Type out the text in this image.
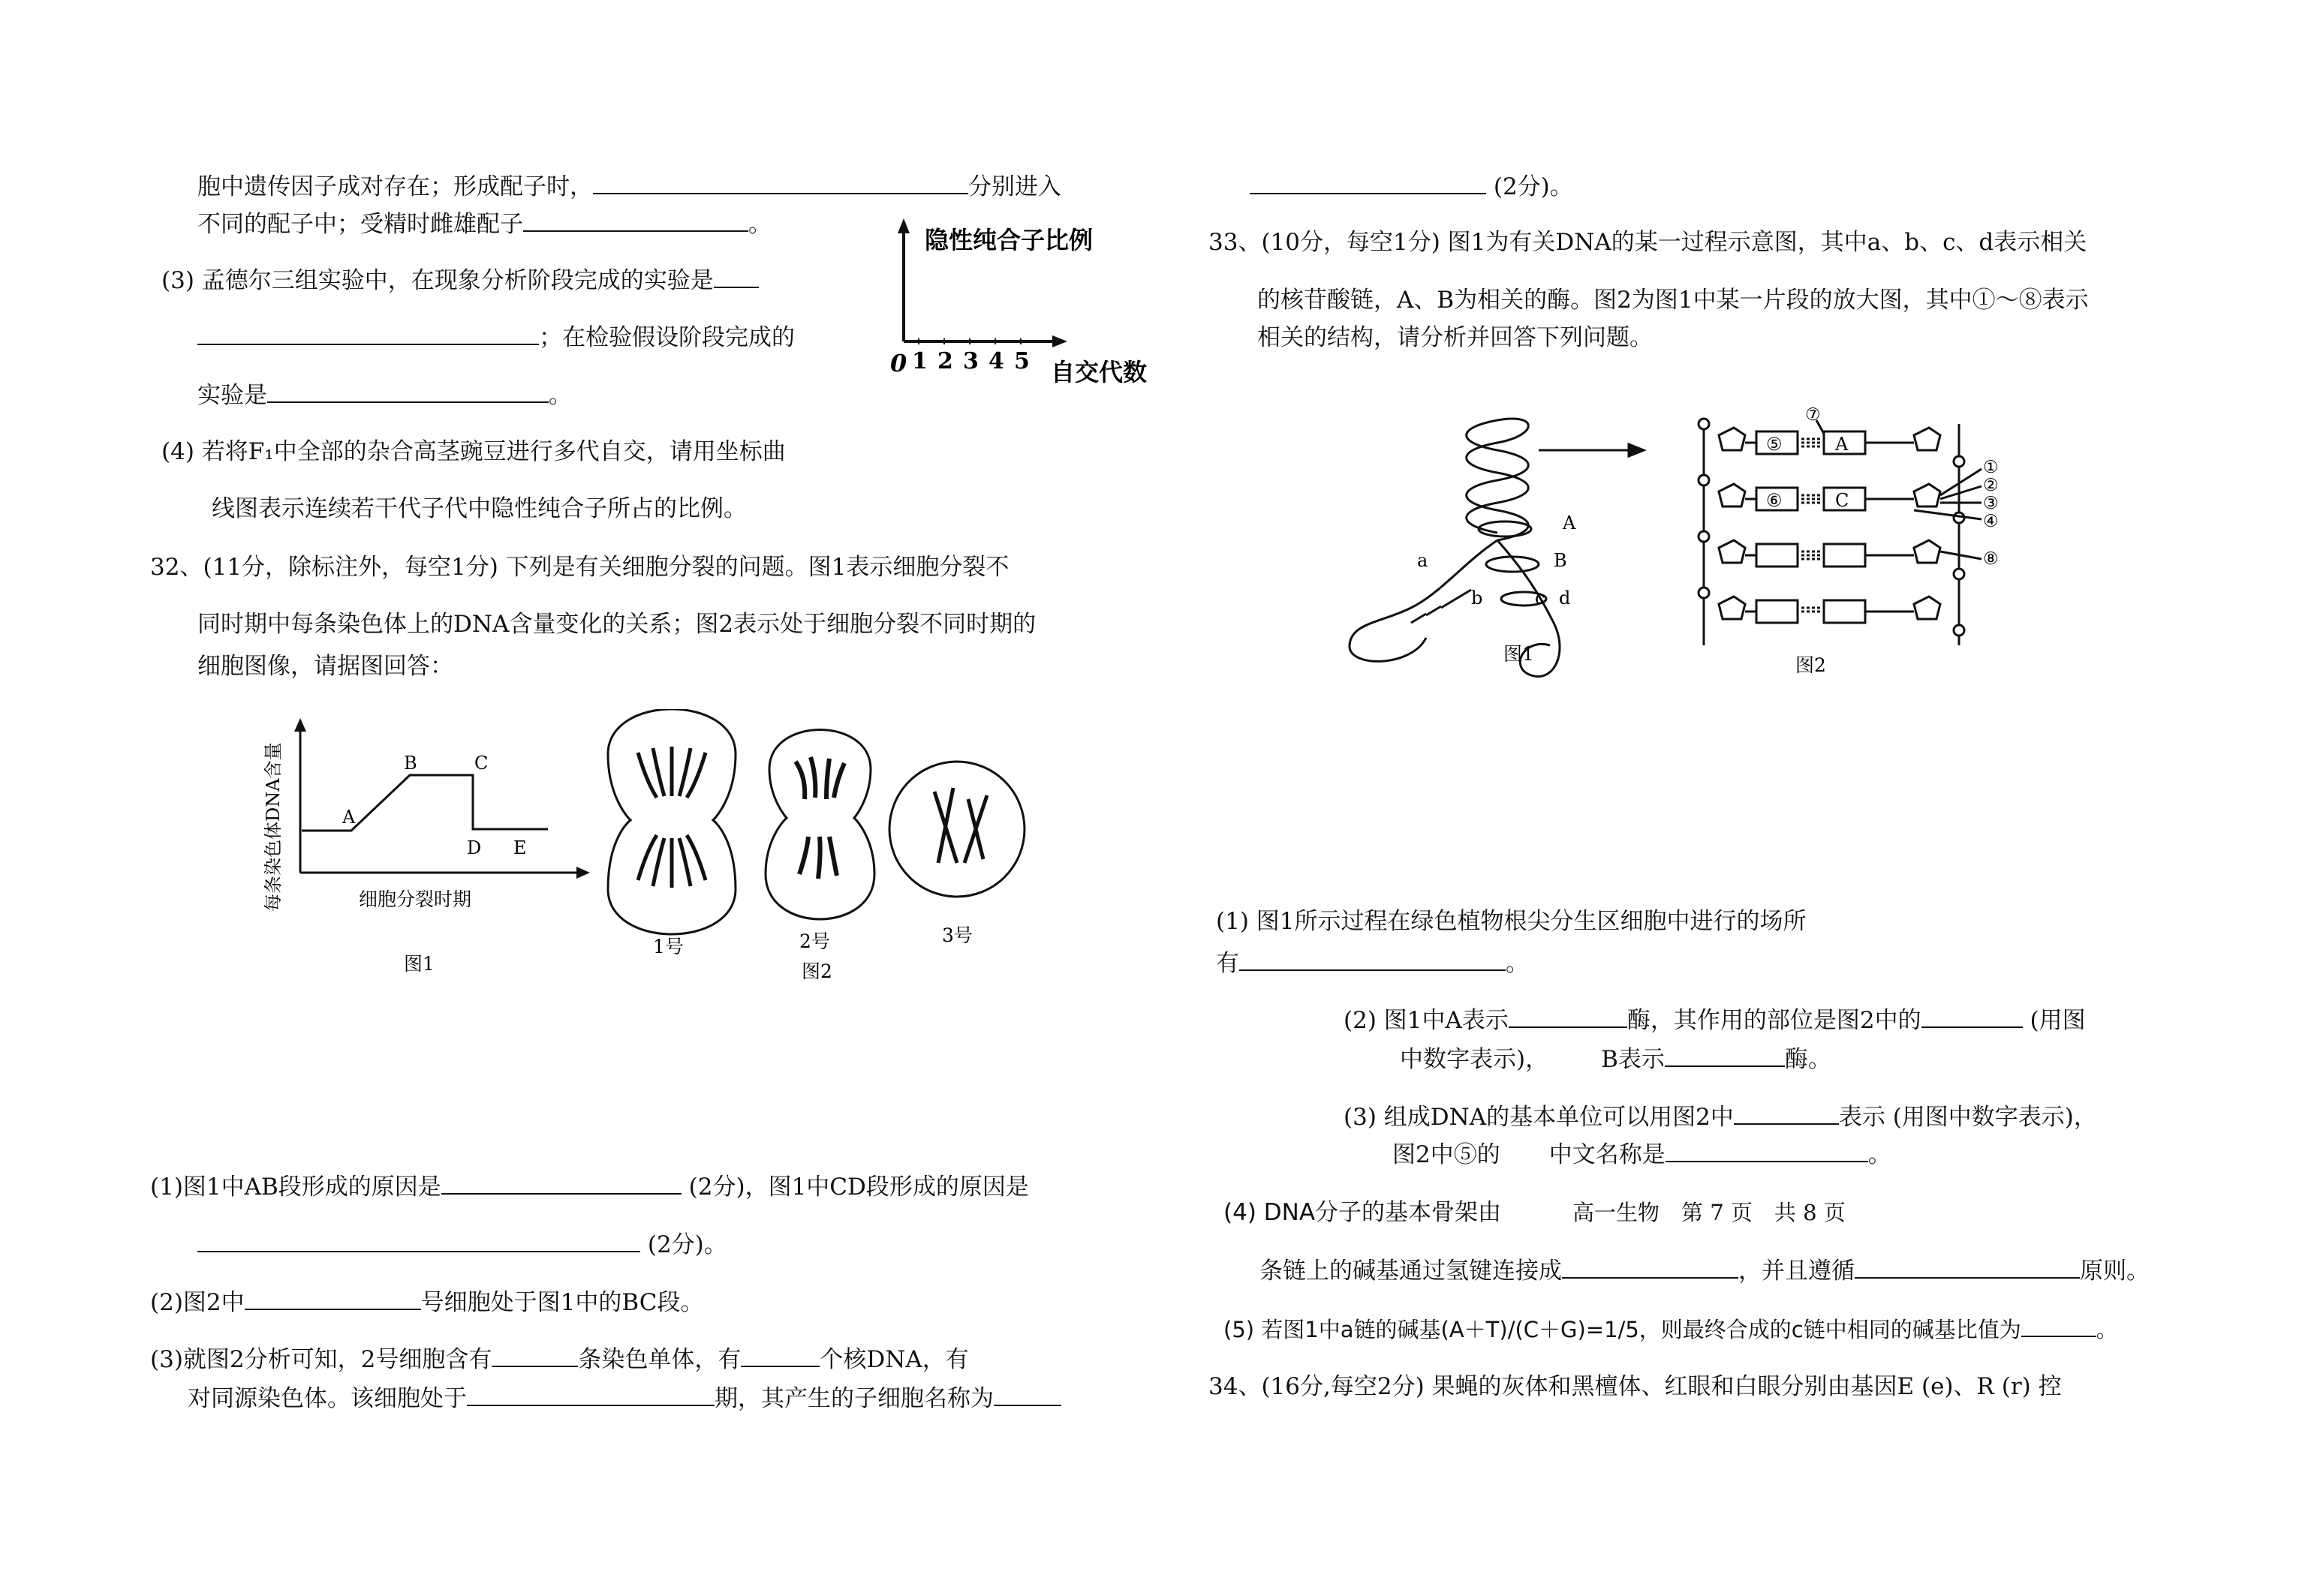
胞中遗传因子成对存在；形成配子时，	分别进入
不同的配子中；受精时雌雄配子	。
(3) 孟德尔三组实验中，在现象分析阶段完成的实验是
；在检验假设阶段完成的
实验是	。
(4) 若将F₁中全部的杂合高茎豌豆进行多代自交，请用坐标曲
线图表示连续若干代子代中隐性纯合子所占的比例。
32、(11分，除标注外，每空1分) 下列是有关细胞分裂的问题。图1表示细胞分裂不
同时期中每条染色体上的DNA含量变化的关系；图2表示处于细胞分裂不同时期的
细胞图像，请据图回答：
隐性纯合子比例
0 1 2 3 4 5 自交代数
每条染色体DNA含量	细胞分裂时期
A
B	C
D E
图1
1号	2号
图2
3号
(1)图1中AB段形成的原因是	(2分)，图1中CD段形成的原因是
(2分)。
(2)图2中	号细胞处于图1中的BC段。
(3)就图2分析可知，2号细胞含有	条染色单体，有	个核DNA，有
对同源染色体。该细胞处于	期，其产生的子细胞名称为
(2分)。
33、(10分，每空1分) 图1为有关DNA的某一过程示意图，其中a、b、c、d表示相关
的核苷酸链，A、B为相关的酶。图2为图1中某一片段的放大图，其中①～⑧表示
相关的结构，请分析并回答下列问题。
A
B
a
b	c d
图1
⑤	A
⑥	C
①
②
③
④
⑧
⑦
图2
(1) 图1所示过程在绿色植物根尖分生区细胞中进行的场所
有	。
(2) 图1中A表示	酶，其作用的部位是图2中的	(用图
中数字表示)， B表示	酶。
(3) 组成DNA的基本单位可以用图2中	表示 (用图中数字表示)，
图2中⑤的 中文名称是	。
(4) DNA分子的基本骨架由	高一生物　第 7 页　共 8 页
条链上的碱基通过氢键连接成	，并且遵循	原则。
(5) 若图1中a链的碱基(A＋T)/(C＋G)=1/5，则最终合成的c链中相同的碱基比值为	。
34、(16分,每空2分) 果蝇的灰体和黑檀体、红眼和白眼分别由基因E (e)、R (r) 控
